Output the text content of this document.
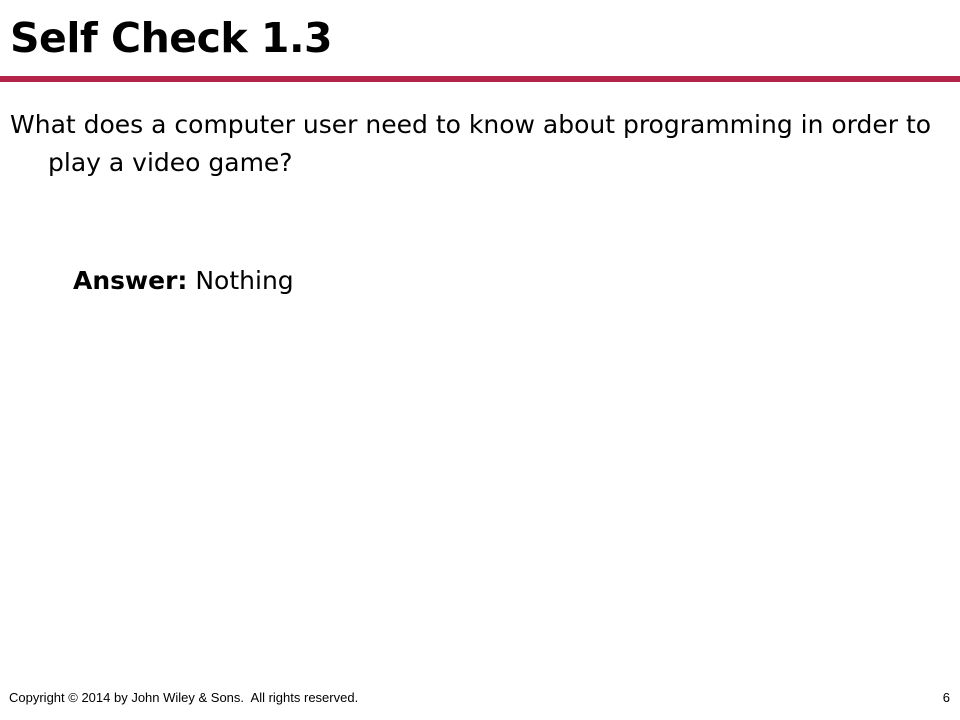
Self Check 1.3

What does a computer user need to know about programming in order to play a video game?

Answer: Nothing

Copyright © 2014 by John Wiley & Sons.  All rights reserved.	6
